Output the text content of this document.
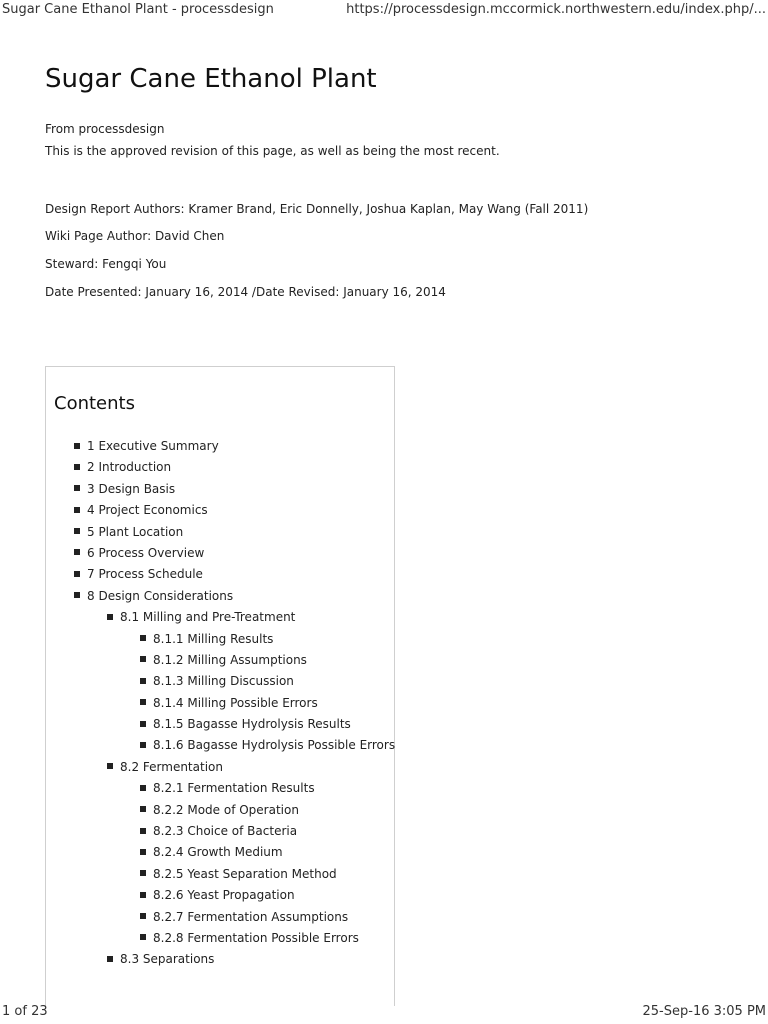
Sugar Cane Ethanol Plant - processdesign	https://processdesign.mccormick.northwestern.edu/index.php/...
Sugar Cane Ethanol Plant
From processdesign
This is the approved revision of this page, as well as being the most recent.
Design Report Authors: Kramer Brand, Eric Donnelly, Joshua Kaplan, May Wang (Fall 2011)
Wiki Page Author: David Chen
Steward: Fengqi You
Date Presented: January 16, 2014 /Date Revised: January 16, 2014
Contents
1 Executive Summary
2 Introduction
3 Design Basis
4 Project Economics
5 Plant Location
6 Process Overview
7 Process Schedule
8 Design Considerations
8.1 Milling and Pre-Treatment
8.1.1 Milling Results
8.1.2 Milling Assumptions
8.1.3 Milling Discussion
8.1.4 Milling Possible Errors
8.1.5 Bagasse Hydrolysis Results
8.1.6 Bagasse Hydrolysis Possible Errors
8.2 Fermentation
8.2.1 Fermentation Results
8.2.2 Mode of Operation
8.2.3 Choice of Bacteria
8.2.4 Growth Medium
8.2.5 Yeast Separation Method
8.2.6 Yeast Propagation
8.2.7 Fermentation Assumptions
8.2.8 Fermentation Possible Errors
8.3 Separations
1 of 23	25-Sep-16 3:05 PM
